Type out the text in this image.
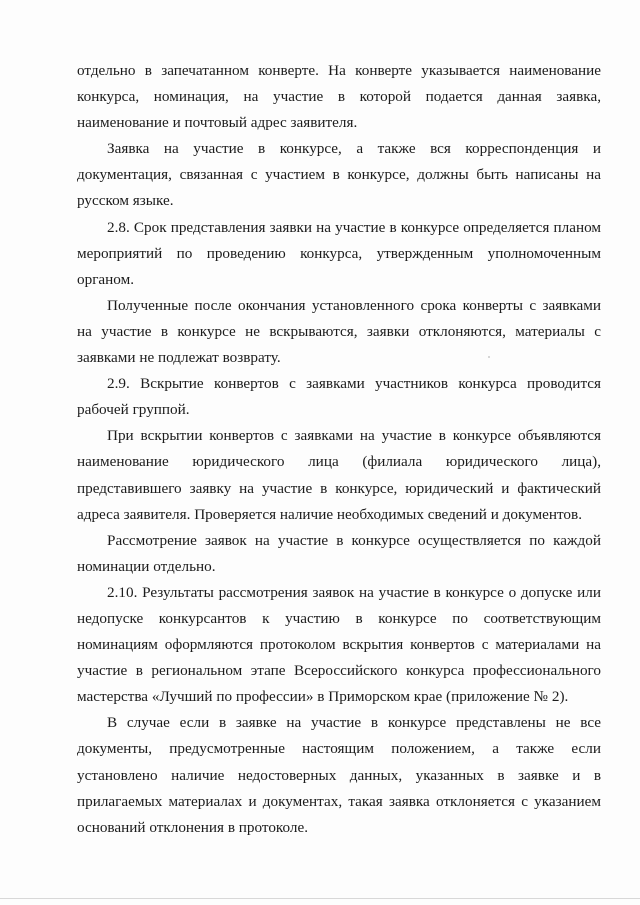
отдельно в запечатанном конверте. На конверте указывается наименование конкурса, номинация, на участие в которой подается данная заявка, наименование и почтовый адрес заявителя.

Заявка на участие в конкурсе, а также вся корреспонденция и документация, связанная с участием в конкурсе, должны быть написаны на русском языке.

2.8. Срок представления заявки на участие в конкурсе определяется планом мероприятий по проведению конкурса, утвержденным уполномоченным органом.

Полученные после окончания установленного срока конверты с заявками на участие в конкурсе не вскрываются, заявки отклоняются, материалы с заявками не подлежат возврату.

2.9. Вскрытие конвертов с заявками участников конкурса проводится рабочей группой.

При вскрытии конвертов с заявками на участие в конкурсе объявляются наименование юридического лица (филиала юридического лица), представившего заявку на участие в конкурсе, юридический и фактический адреса заявителя. Проверяется наличие необходимых сведений и документов.

Рассмотрение заявок на участие в конкурсе осуществляется по каждой номинации отдельно.

2.10. Результаты рассмотрения заявок на участие в конкурсе о допуске или недопуске конкурсантов к участию в конкурсе по соответствующим номинациям оформляются протоколом вскрытия конвертов с материалами на участие в региональном этапе Всероссийского конкурса профессионального мастерства «Лучший по профессии» в Приморском крае (приложение № 2).

В случае если в заявке на участие в конкурсе представлены не все документы, предусмотренные настоящим положением, а также если установлено наличие недостоверных данных, указанных в заявке и в прилагаемых материалах и документах, такая заявка отклоняется с указанием оснований отклонения в протоколе.
